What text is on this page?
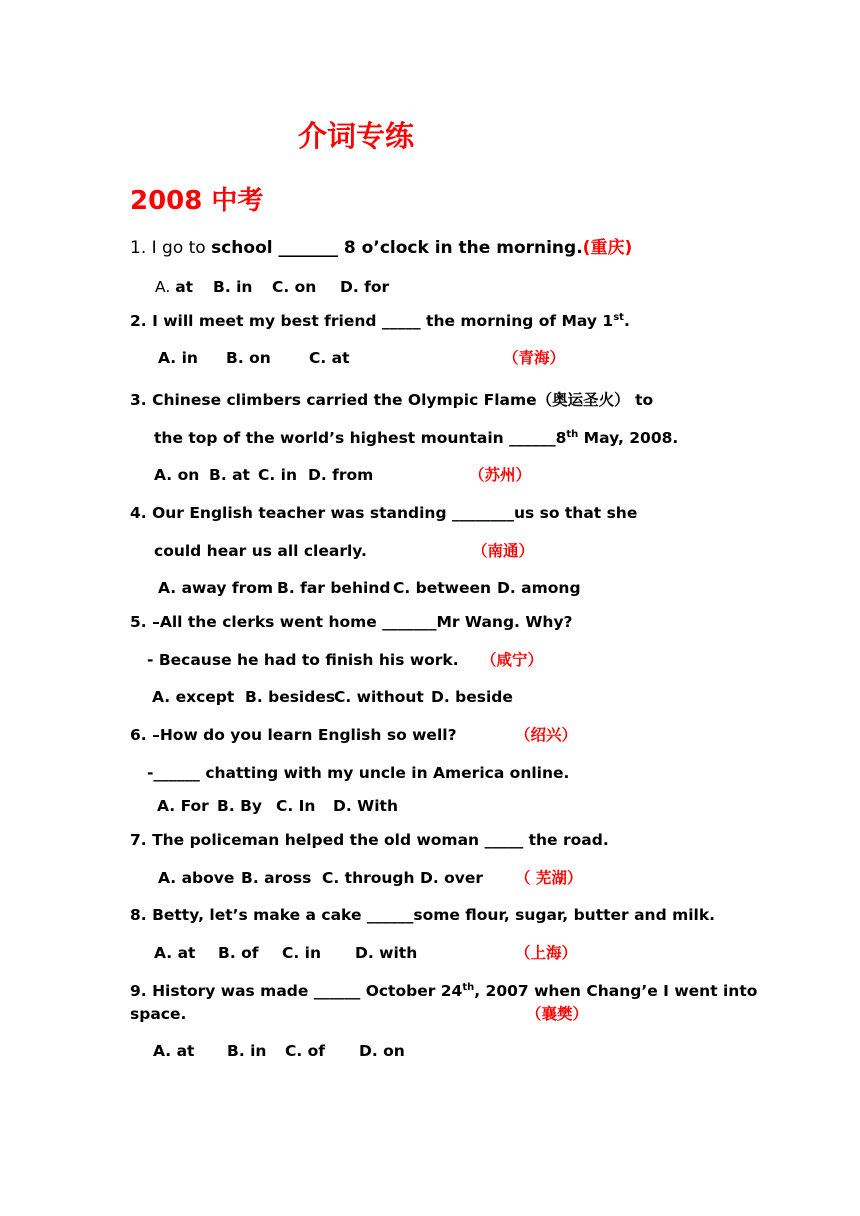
介词专练
2008 中考
1. I go to school _______ 8 o’clock in the morning.(重庆)
A. at B. in C. on D. for
2. I will meet my best friend _____ the morning of May 1st.
A. in B. on C. at	（青海）
3. Chinese climbers carried the Olympic Flame（奥运圣火） to
the top of the world’s highest mountain ______8th May, 2008.
A. on B. at C. in D. from	（苏州）
4. Our English teacher was standing ________us so that she
could hear us all clearly.	（南通）
A. away from B. far behind C. between D. among
5. –All the clerks went home _______Mr Wang. Why?
- Because he had to finish his work. （咸宁）
A. except B. besides
C. without D. beside
6. –How do you learn English so well?	（绍兴）
-______ chatting with my uncle in America online.
A. For B. By C. In D. With
7. The policeman helped the old woman _____ the road.
A. above B. aross C. through D. over （ 芜湖）
8. Betty, let’s make a cake ______some flour, sugar, butter and milk.
A. at B. of C. in D. with	（上海）
9. History was made ______ October 24th, 2007 when Chang’e I went into
space.	（襄樊）
A. at B. in C. of D. on
